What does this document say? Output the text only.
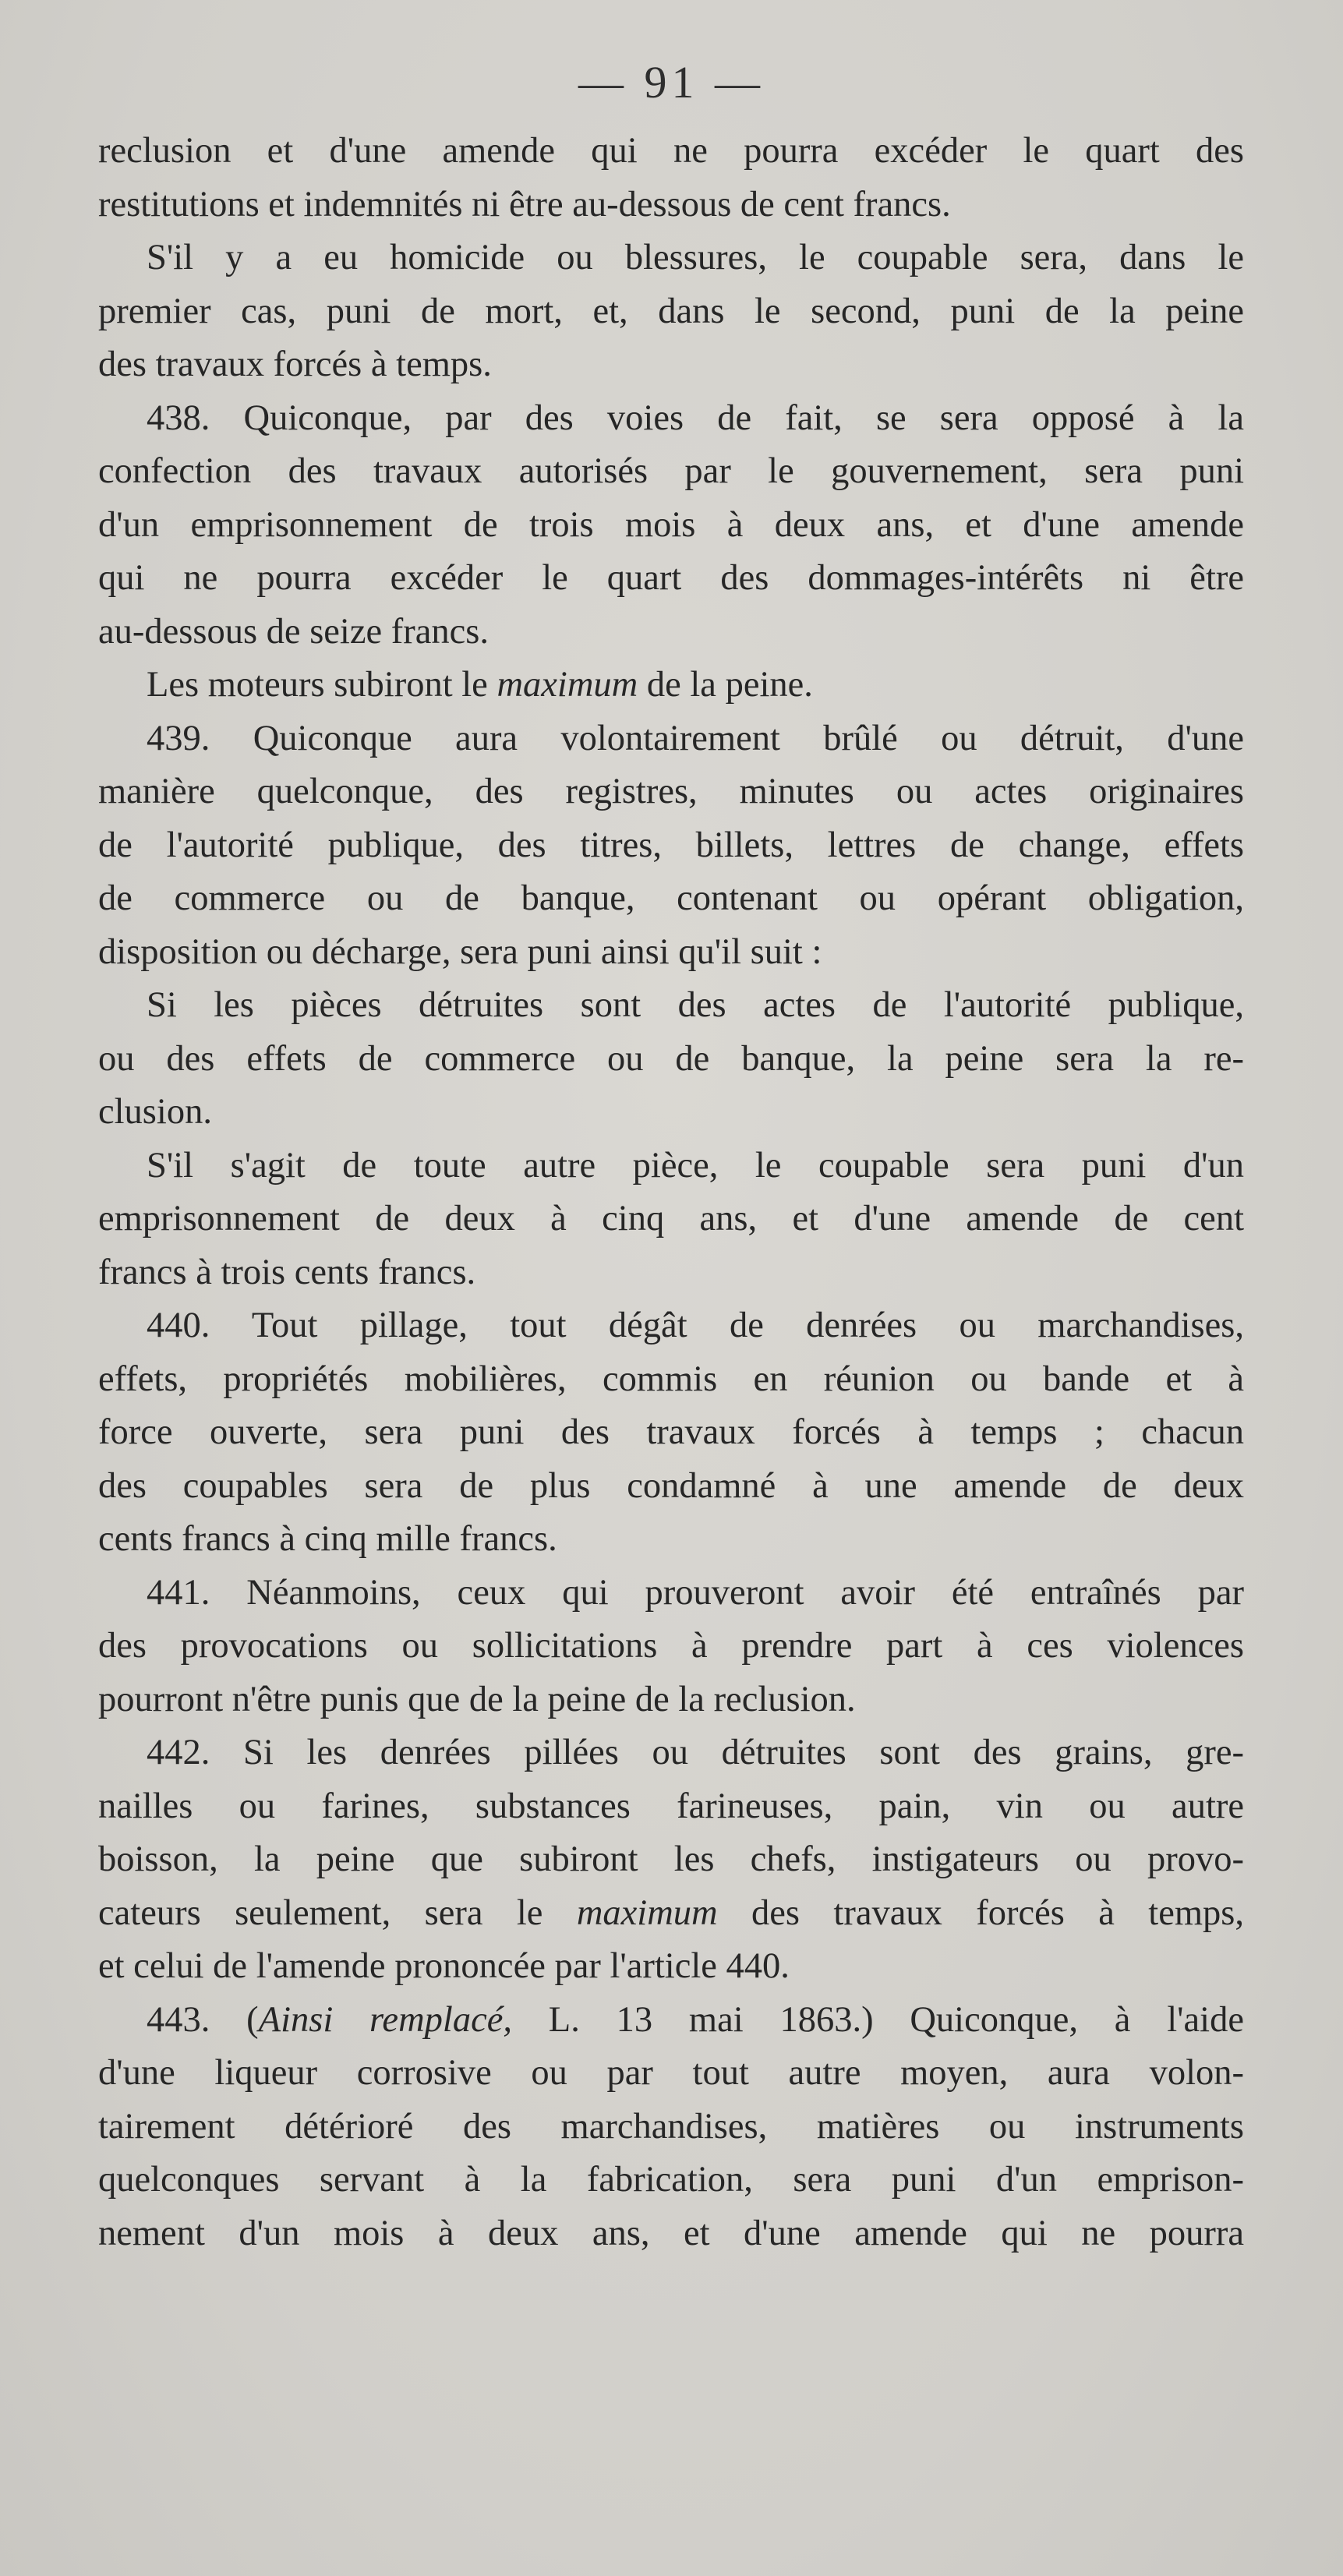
— 91 —
reclusion et d'une amende qui ne pourra excéder le quart des
restitutions et indemnités ni être au-dessous de cent francs.
S'il y a eu homicide ou blessures, le coupable sera, dans le
premier cas, puni de mort, et, dans le second, puni de la peine
des travaux forcés à temps.
438. Quiconque, par des voies de fait, se sera opposé à la
confection des travaux autorisés par le gouvernement, sera puni
d'un emprisonnement de trois mois à deux ans, et d'une amende
qui ne pourra excéder le quart des dommages-intérêts ni être
au-dessous de seize francs.
Les moteurs subiront le maximum de la peine.
439. Quiconque aura volontairement brûlé ou détruit, d'une
manière quelconque, des registres, minutes ou actes originaires
de l'autorité publique, des titres, billets, lettres de change, effets
de commerce ou de banque, contenant ou opérant obligation,
disposition ou décharge, sera puni ainsi qu'il suit :
Si les pièces détruites sont des actes de l'autorité publique,
ou des effets de commerce ou de banque, la peine sera la re-
clusion.
S'il s'agit de toute autre pièce, le coupable sera puni d'un
emprisonnement de deux à cinq ans, et d'une amende de cent
francs à trois cents francs.
440. Tout pillage, tout dégât de denrées ou marchandises,
effets, propriétés mobilières, commis en réunion ou bande et à
force ouverte, sera puni des travaux forcés à temps ; chacun
des coupables sera de plus condamné à une amende de deux
cents francs à cinq mille francs.
441. Néanmoins, ceux qui prouveront avoir été entraînés par
des provocations ou sollicitations à prendre part à ces violences
pourront n'être punis que de la peine de la reclusion.
442. Si les denrées pillées ou détruites sont des grains, gre-
nailles ou farines, substances farineuses, pain, vin ou autre
boisson, la peine que subiront les chefs, instigateurs ou provo-
cateurs seulement, sera le maximum des travaux forcés à temps,
et celui de l'amende prononcée par l'article 440.
443. (Ainsi remplacé, L. 13 mai 1863.) Quiconque, à l'aide
d'une liqueur corrosive ou par tout autre moyen, aura volon-
tairement détérioré des marchandises, matières ou instruments
quelconques servant à la fabrication, sera puni d'un emprison-
nement d'un mois à deux ans, et d'une amende qui ne pourra
